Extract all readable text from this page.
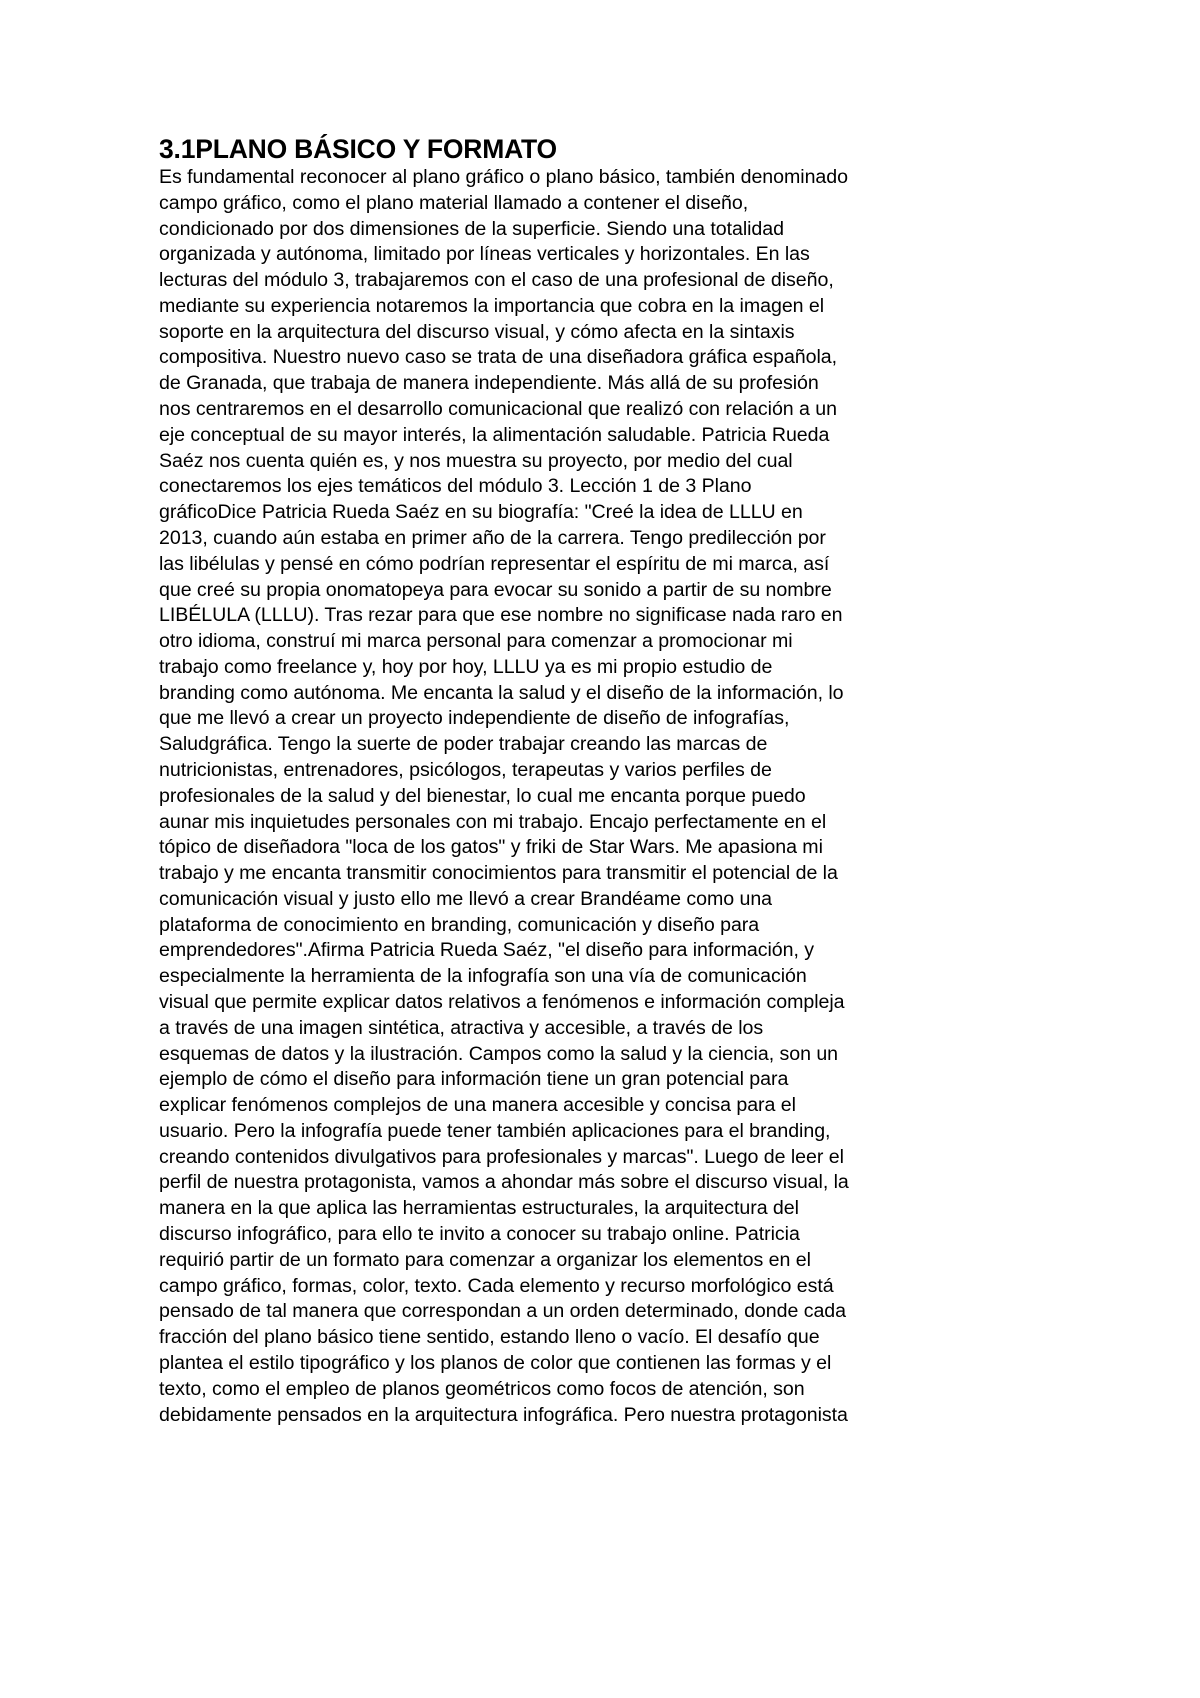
3.1PLANO BÁSICO Y FORMATO
Es fundamental reconocer al plano gráfico o plano básico, también denominado
campo gráfico, como el plano material llamado a contener el diseño,
condicionado por dos dimensiones de la superficie. Siendo una totalidad
organizada y autónoma, limitado por líneas verticales y horizontales. En las
lecturas del módulo 3, trabajaremos con el caso de una profesional de diseño,
mediante su experiencia notaremos la importancia que cobra en la imagen el
soporte en la arquitectura del discurso visual, y cómo afecta en la sintaxis
compositiva. Nuestro nuevo caso se trata de una diseñadora gráfica española,
de Granada, que trabaja de manera independiente. Más allá de su profesión
nos centraremos en el desarrollo comunicacional que realizó con relación a un
eje conceptual de su mayor interés, la alimentación saludable. Patricia Rueda
Saéz nos cuenta quién es, y nos muestra su proyecto, por medio del cual
conectaremos los ejes temáticos del módulo 3. Lección 1 de 3 Plano
gráficoDice Patricia Rueda Saéz en su biografía: "Creé la idea de LLLU en
2013, cuando aún estaba en primer año de la carrera. Tengo predilección por
las libélulas y pensé en cómo podrían representar el espíritu de mi marca, así
que creé su propia onomatopeya para evocar su sonido a partir de su nombre
LIBÉLULA (LLLU). Tras rezar para que ese nombre no significase nada raro en
otro idioma, construí mi marca personal para comenzar a promocionar mi
trabajo como freelance y, hoy por hoy, LLLU ya es mi propio estudio de
branding como autónoma. Me encanta la salud y el diseño de la información, lo
que me llevó a crear un proyecto independiente de diseño de infografías,
Saludgráfica. Tengo la suerte de poder trabajar creando las marcas de
nutricionistas, entrenadores, psicólogos, terapeutas y varios perfiles de
profesionales de la salud y del bienestar, lo cual me encanta porque puedo
aunar mis inquietudes personales con mi trabajo. Encajo perfectamente en el
tópico de diseñadora "loca de los gatos" y friki de Star Wars. Me apasiona mi
trabajo y me encanta transmitir conocimientos para transmitir el potencial de la
comunicación visual y justo ello me llevó a crear Brandéame como una
plataforma de conocimiento en branding, comunicación y diseño para
emprendedores".Afirma Patricia Rueda Saéz, "el diseño para información, y
especialmente la herramienta de la infografía son una vía de comunicación
visual que permite explicar datos relativos a fenómenos e información compleja
a través de una imagen sintética, atractiva y accesible, a través de los
esquemas de datos y la ilustración. Campos como la salud y la ciencia, son un
ejemplo de cómo el diseño para información tiene un gran potencial para
explicar fenómenos complejos de una manera accesible y concisa para el
usuario. Pero la infografía puede tener también aplicaciones para el branding,
creando contenidos divulgativos para profesionales y marcas". Luego de leer el
perfil de nuestra protagonista, vamos a ahondar más sobre el discurso visual, la
manera en la que aplica las herramientas estructurales, la arquitectura del
discurso infográfico, para ello te invito a conocer su trabajo online. Patricia
requirió partir de un formato para comenzar a organizar los elementos en el
campo gráfico, formas, color, texto. Cada elemento y recurso morfológico está
pensado de tal manera que correspondan a un orden determinado, donde cada
fracción del plano básico tiene sentido, estando lleno o vacío. El desafío que
plantea el estilo tipográfico y los planos de color que contienen las formas y el
texto, como el empleo de planos geométricos como focos de atención, son
debidamente pensados en la arquitectura infográfica. Pero nuestra protagonista
